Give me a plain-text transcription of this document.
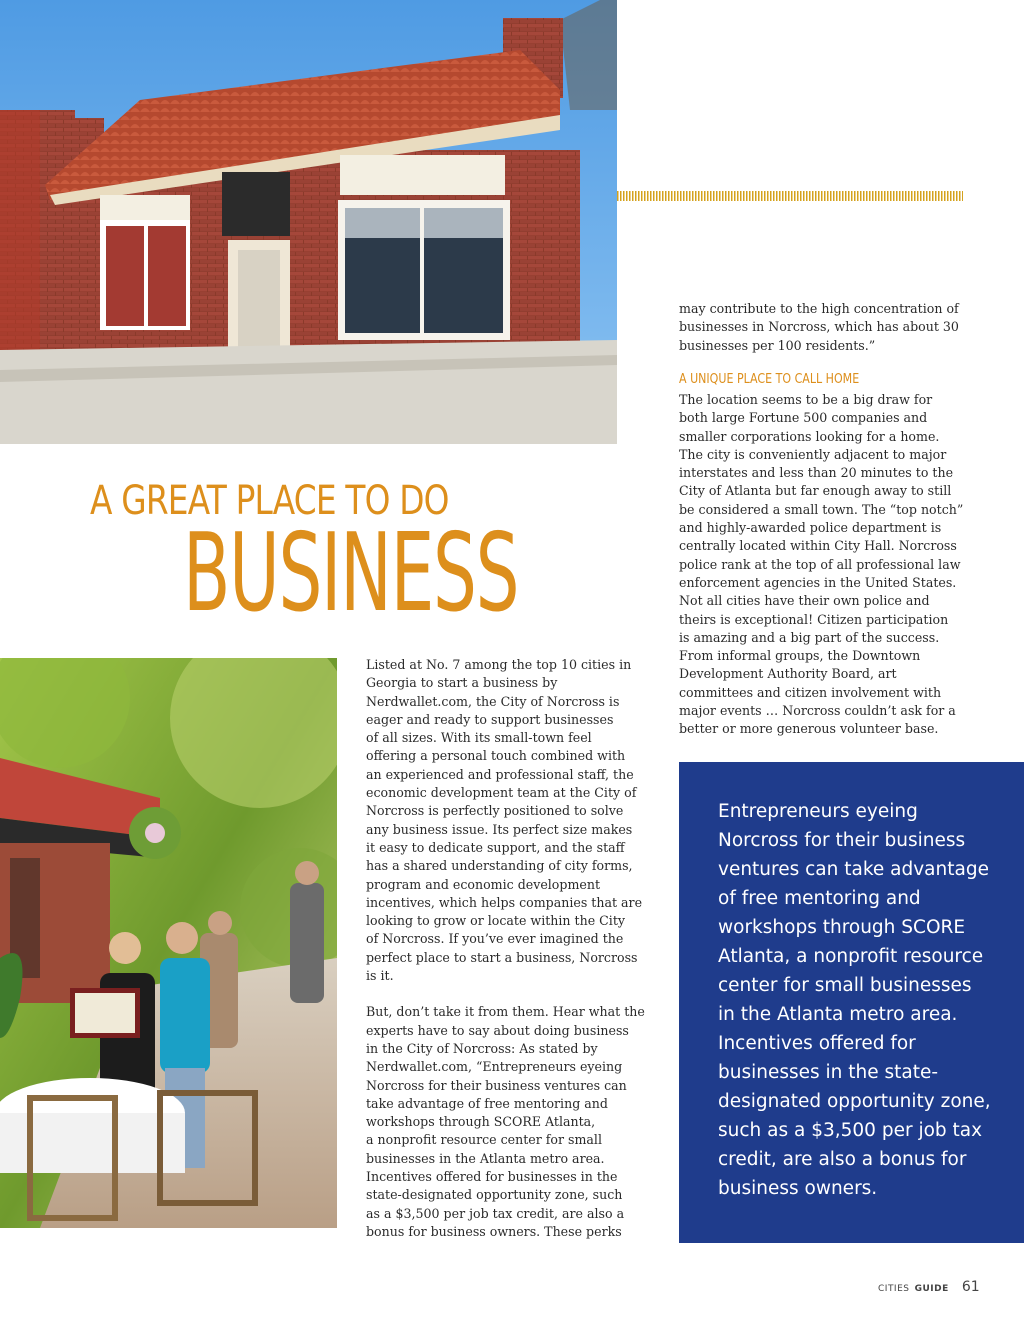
A GREAT PLACE TO DO
BUSINESS
may contribute to the high concentration of
businesses in Norcross, which has about 30
businesses per 100 residents.”
A UNIQUE PLACE TO CALL HOME
The location seems to be a big draw for
both large Fortune 500 companies and
smaller corporations looking for a home.
The city is conveniently adjacent to major
interstates and less than 20 minutes to the
City of Atlanta but far enough away to still
be considered a small town. The “top notch”
and highly-awarded police department is
centrally located within City Hall. Norcross
police rank at the top of all professional law
enforcement agencies in the United States.
Not all cities have their own police and
theirs is exceptional! Citizen participation
is amazing and a big part of the success.
From informal groups, the Downtown
Development Authority Board, art
committees and citizen involvement with
major events … Norcross couldn’t ask for a
better or more generous volunteer base.
Listed at No. 7 among the top 10 cities in
Georgia to start a business by
Nerdwallet.com, the City of Norcross is
eager and ready to support businesses
of all sizes. With its small-town feel
offering a personal touch combined with
an experienced and professional staff, the
economic development team at the City of
Norcross is perfectly positioned to solve
any business issue. Its perfect size makes
it easy to dedicate support, and the staff
has a shared understanding of city forms,
program and economic development
incentives, which helps companies that are
looking to grow or locate within the City
of Norcross. If you’ve ever imagined the
perfect place to start a business, Norcross
is it.
But, don’t take it from them. Hear what the
experts have to say about doing business
in the City of Norcross: As stated by
Nerdwallet.com, “Entrepreneurs eyeing
Norcross for their business ventures can
take advantage of free mentoring and
workshops through SCORE Atlanta,
a nonprofit resource center for small
businesses in the Atlanta metro area.
Incentives offered for businesses in the
state-designated opportunity zone, such
as a $3,500 per job tax credit, are also a
bonus for business owners. These perks
Entrepreneurs eyeing
Norcross for their business
ventures can take advantage
of free mentoring and
workshops through SCORE
Atlanta, a nonprofit resource
center for small businesses
in the Atlanta metro area.
Incentives offered for
businesses in the state-
designated opportunity zone,
such as a $3,500 per job tax
credit, are also a bonus for
business owners.
CITIES GUIDE 61
